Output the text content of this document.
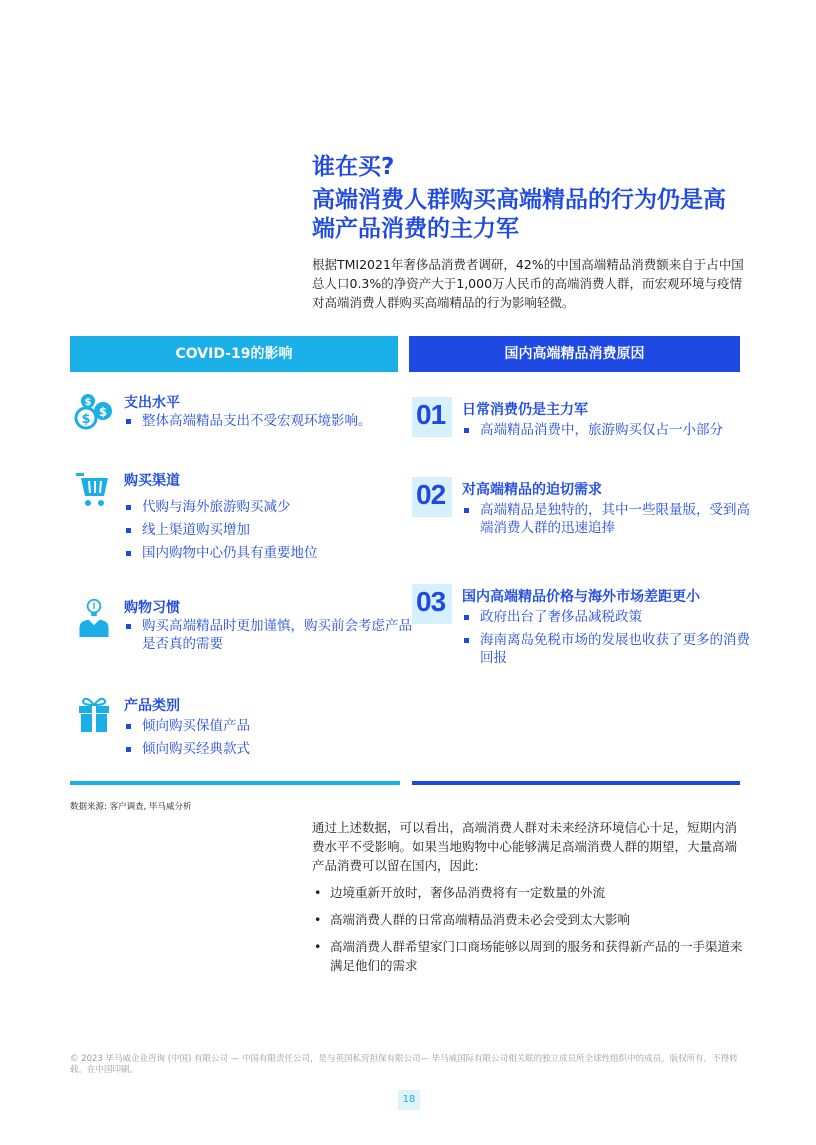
谁在买?
高端消费人群购买高端精品的行为仍是高端产品消费的主力军
根据TMI2021年奢侈品消费者调研，42%的中国高端精品消费额来自于占中国总人口0.3%的净资产大于1,000万人民币的高端消费人群，而宏观环境与疫情对高端消费人群购买高端精品的行为影响轻微。
COVID-19的影响	国内高端精品消费原因
$
$ $
支出水平
整体高端精品支出不受宏观环境影响。
购买渠道
代购与海外旅游购买减少
线上渠道购买增加
国内购物中心仍具有重要地位
购物习惯
购买高端精品时更加谨慎，购买前会考虑产品是否真的需要
产品类别
倾向购买保值产品
倾向购买经典款式
01 日常消费仍是主力军
高端精品消费中，旅游购买仅占一小部分
02 对高端精品的迫切需求
高端精品是独特的，其中一些限量版，受到高端消费人群的迅速追捧
03 国内高端精品价格与海外市场差距更小
政府出台了奢侈品减税政策
海南离岛免税市场的发展也收获了更多的消费回报
数据来源: 客户调查, 毕马威分析
通过上述数据，可以看出，高端消费人群对未来经济环境信心十足，短期内消费水平不受影响。如果当地购物中心能够满足高端消费人群的期望，大量高端产品消费可以留在国内，因此:
• 边境重新开放时，奢侈品消费将有一定数量的外流
• 高端消费人群的日常高端精品消费未必会受到太大影响
• 高端消费人群希望家门口商场能够以周到的服务和获得新产品的一手渠道来满足他们的需求
© 2023 毕马威企业咨询 (中国) 有限公司 — 中国有限责任公司，是与英国私营担保有限公司— 毕马威国际有限公司相关联的独立成员所全球性组织中的成员。版权所有，不得转载。在中国印刷。
18
